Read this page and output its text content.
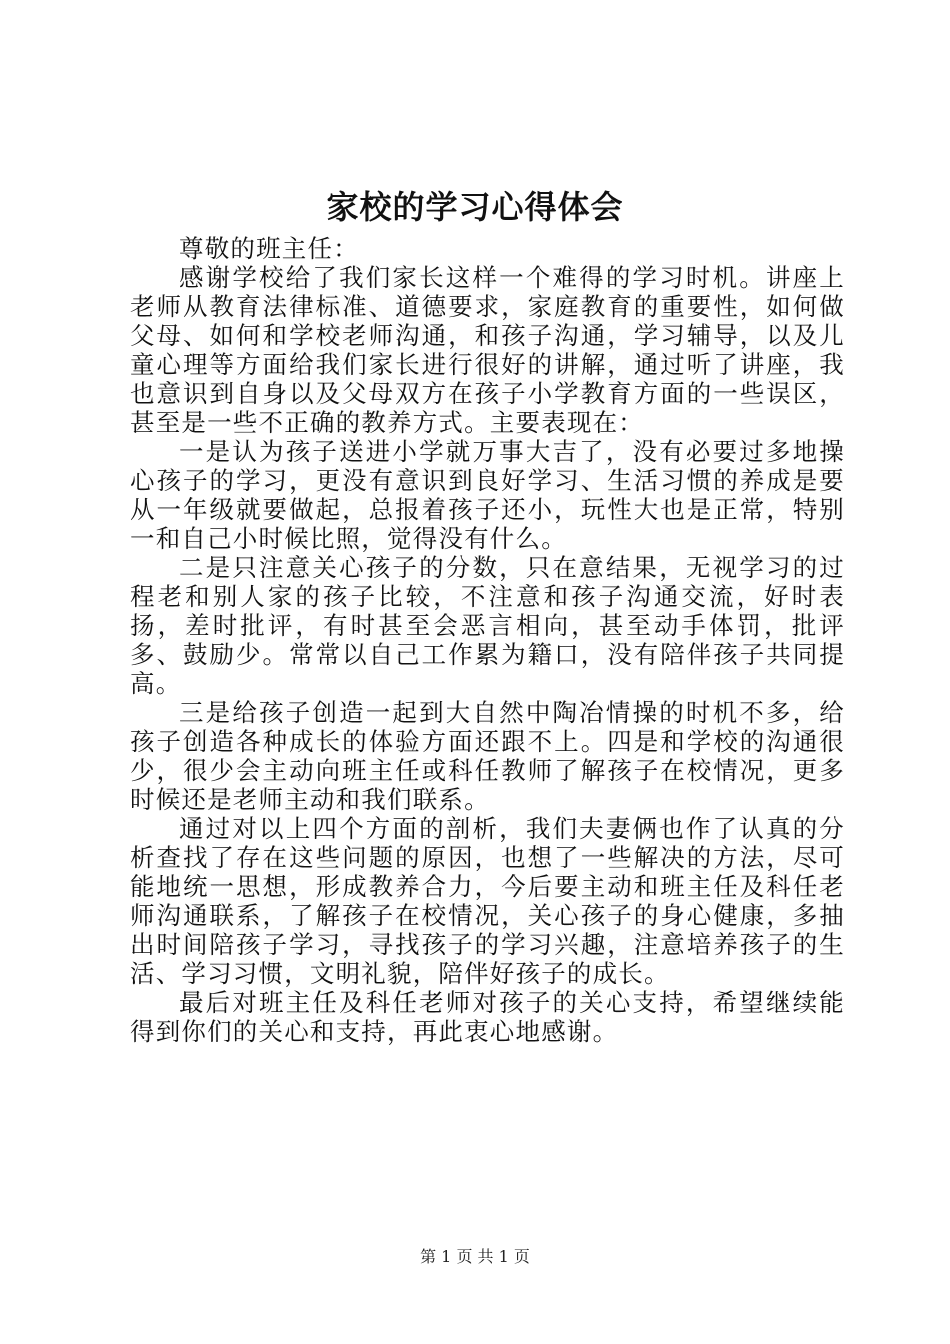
家校的学习心得体会

尊敬的班主任：

感谢学校给了我们家长这样一个难得的学习时机。讲座上老师从教育法律标准、道德要求，家庭教育的重要性，如何做父母、如何和学校老师沟通，和孩子沟通，学习辅导，以及儿童心理等方面给我们家长进行很好的讲解，通过听了讲座，我也意识到自身以及父母双方在孩子小学教育方面的一些误区，甚至是一些不正确的教养方式。主要表现在：

一是认为孩子送进小学就万事大吉了，没有必要过多地操心孩子的学习，更没有意识到良好学习、生活习惯的养成是要从一年级就要做起，总报着孩子还小，玩性大也是正常，特别一和自己小时候比照，觉得没有什么。

二是只注意关心孩子的分数，只在意结果，无视学习的过程老和别人家的孩子比较，不注意和孩子沟通交流，好时表扬，差时批评，有时甚至会恶言相向，甚至动手体罚，批评多、鼓励少。常常以自己工作累为籍口，没有陪伴孩子共同提高。

三是给孩子创造一起到大自然中陶冶情操的时机不多，给孩子创造各种成长的体验方面还跟不上。四是和学校的沟通很少，很少会主动向班主任或科任教师了解孩子在校情况，更多时候还是老师主动和我们联系。

通过对以上四个方面的剖析，我们夫妻俩也作了认真的分析查找了存在这些问题的原因，也想了一些解决的方法，尽可能地统一思想，形成教养合力，今后要主动和班主任及科任老师沟通联系，了解孩子在校情况，关心孩子的身心健康，多抽出时间陪孩子学习，寻找孩子的学习兴趣，注意培养孩子的生活、学习习惯，文明礼貌，陪伴好孩子的成长。

最后对班主任及科任老师对孩子的关心支持，希望继续能得到你们的关心和支持，再此衷心地感谢。

第 1 页 共 1 页
